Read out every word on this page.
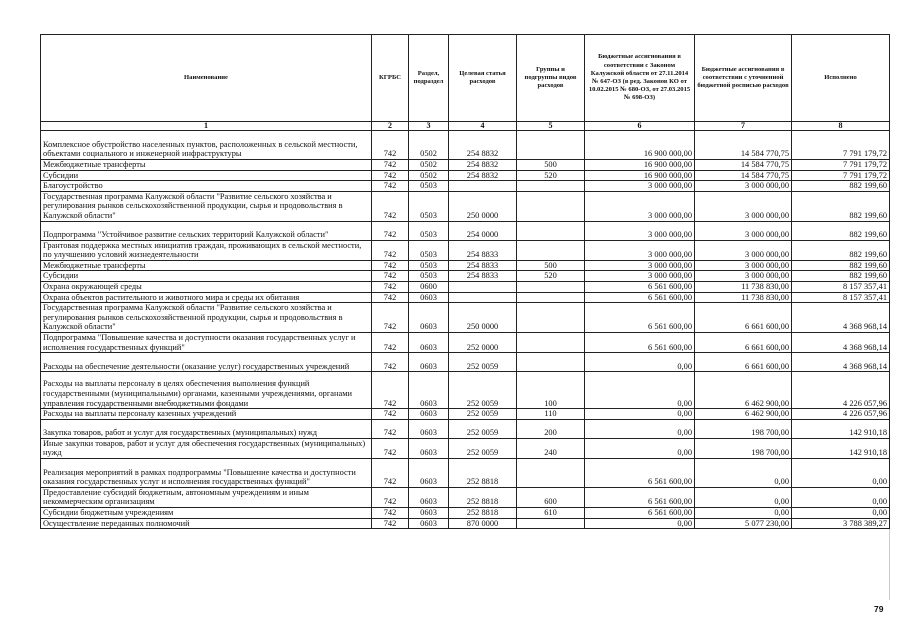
Наименование	КГРБС	Раздел, подраздел	Целевая статья расходов	Группы и подгруппы видов расходов	Бюджетные ассигнования в соответствии с Законом Калужской области от 27.11.2014 № 647-ОЗ (в ред. Законов КО от 10.02.2015 № 680-ОЗ, от 27.03.2015 № 698-ОЗ)	Бюджетные ассигнования в соответствии с уточненной бюджетной росписью расходов	Исполнено
1	2	3	4	5	6	7	8
Комплексное обустройство населенных пунктов, расположенных в сельской местности, объектами социального и инженерной инфраструктуры	742	0502	254 8832		16 900 000,00	14 584 770,75	7 791 179,72
Межбюджетные трансферты	742	0502	254 8832	500	16 900 000,00	14 584 770,75	7 791 179,72
Субсидии	742	0502	254 8832	520	16 900 000,00	14 584 770,75	7 791 179,72
Благоустройство	742	0503			3 000 000,00	3 000 000,00	882 199,60
Государственная программа Калужской области "Развитие сельского хозяйства и регулирования рынков сельскохозяйственной продукции, сырья и продовольствия в Калужской области"	742	0503	250 0000		3 000 000,00	3 000 000,00	882 199,60
Подпрограмма "Устойчивое развитие сельских территорий Калужской области"	742	0503	254 0000		3 000 000,00	3 000 000,00	882 199,60
Грантовая поддержка местных инициатив граждан, проживающих в сельской местности, по улучшению условий жизнедеятельности	742	0503	254 8833		3 000 000,00	3 000 000,00	882 199,60
Межбюджетные трансферты	742	0503	254 8833	500	3 000 000,00	3 000 000,00	882 199,60
Субсидии	742	0503	254 8833	520	3 000 000,00	3 000 000,00	882 199,60
Охрана окружающей среды	742	0600			6 561 600,00	11 738 830,00	8 157 357,41
Охрана объектов растительного и животного мира и среды их обитания	742	0603			6 561 600,00	11 738 830,00	8 157 357,41
Государственная программа Калужской области "Развитие сельского хозяйства и регулирования рынков сельскохозяйственной продукции, сырья и продовольствия в Калужской области"	742	0603	250 0000		6 561 600,00	6 661 600,00	4 368 968,14
Подпрограмма "Повышение качества и доступности оказания государственных услуг и исполнения государственных функций"	742	0603	252 0000		6 561 600,00	6 661 600,00	4 368 968,14
Расходы на обеспечение деятельности (оказание услуг) государственных учреждений	742	0603	252 0059		0,00	6 661 600,00	4 368 968,14
Расходы на выплаты персоналу в целях обеспечения выполнения функций государственными (муниципальными) органами, казенными учреждениями, органами управления государственными внебюджетными фондами	742	0603	252 0059	100	0,00	6 462 900,00	4 226 057,96
Расходы на выплаты персоналу казенных учреждений	742	0603	252 0059	110	0,00	6 462 900,00	4 226 057,96
Закупка товаров, работ и услуг для государственных (муниципальных) нужд	742	0603	252 0059	200	0,00	198 700,00	142 910,18
Иные закупки товаров, работ и услуг для обеспечения государственных (муниципальных) нужд	742	0603	252 0059	240	0,00	198 700,00	142 910,18
Реализация мероприятий в рамках подпрограммы "Повышение качества и доступности оказания государственных услуг и исполнения государственных функций"	742	0603	252 8818		6 561 600,00	0,00	0,00
Предоставление субсидий бюджетным, автономным учреждениям и иным некоммерческим организациям	742	0603	252 8818	600	6 561 600,00	0,00	0,00
Субсидии бюджетным учреждениям	742	0603	252 8818	610	6 561 600,00	0,00	0,00
Осуществление переданных полномочий	742	0603	870 0000		0,00	5 077 230,00	3 788 389,27
79
